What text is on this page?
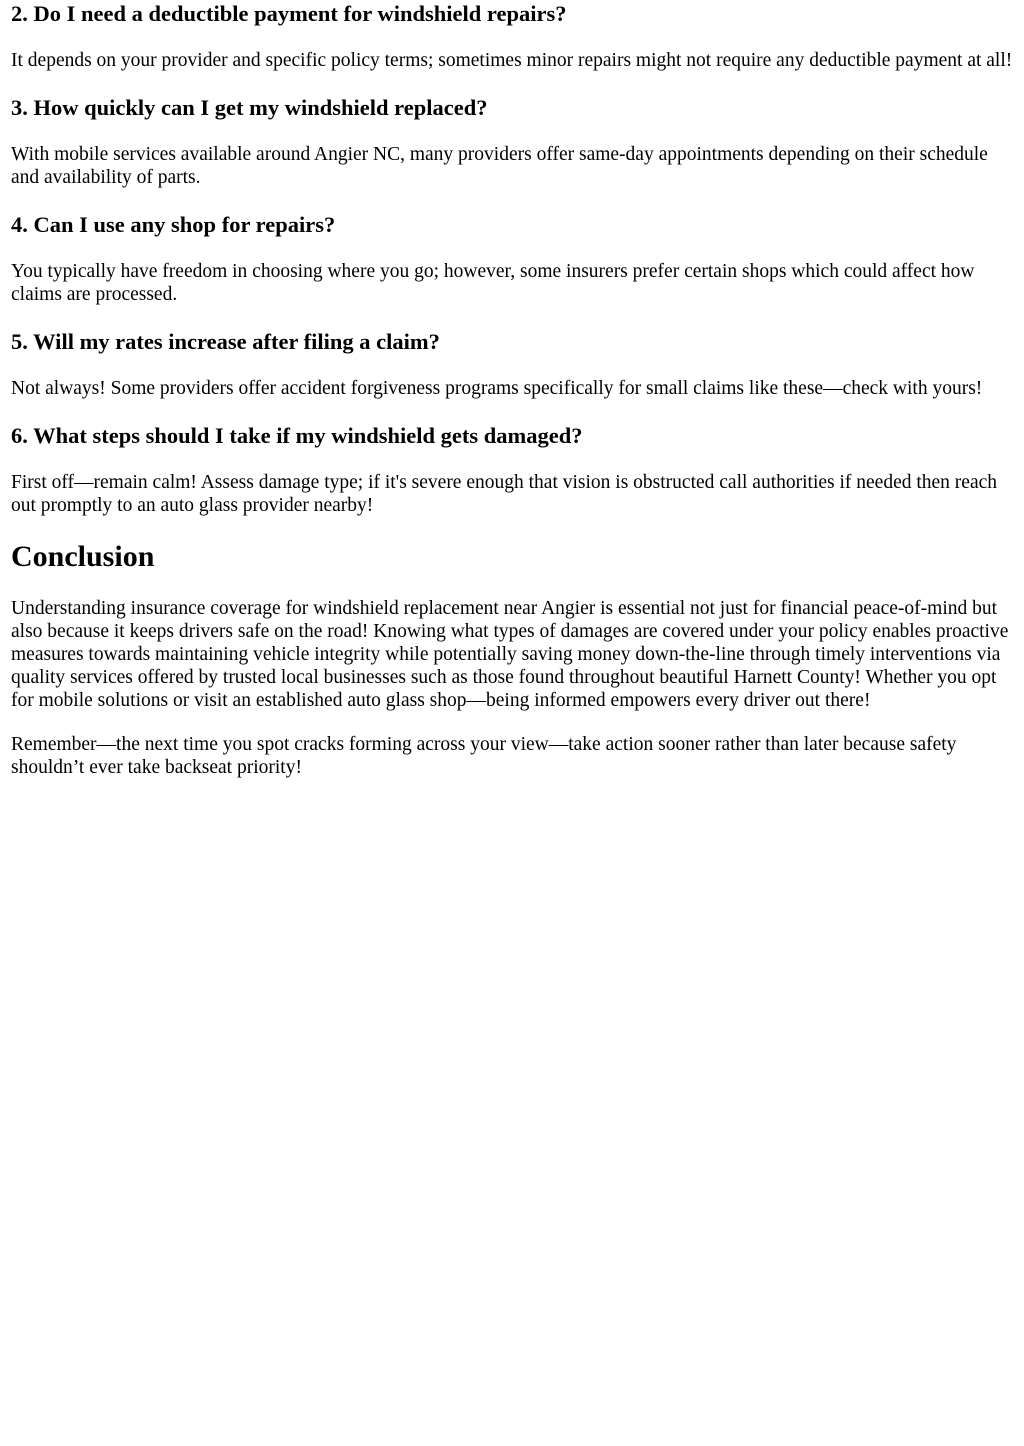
2. Do I need a deductible payment for windshield repairs?

It depends on your provider and specific policy terms; sometimes minor repairs might not require any deductible payment at all!

3. How quickly can I get my windshield replaced?

With mobile services available around Angier NC, many providers offer same-day appointments depending on their schedule and availability of parts.

4. Can I use any shop for repairs?

You typically have freedom in choosing where you go; however, some insurers prefer certain shops which could affect how claims are processed.

5. Will my rates increase after filing a claim?

Not always! Some providers offer accident forgiveness programs specifically for small claims like these—check with yours!

6. What steps should I take if my windshield gets damaged?

First off—remain calm! Assess damage type; if it's severe enough that vision is obstructed call authorities if needed then reach out promptly to an auto glass provider nearby!

Conclusion

Understanding insurance coverage for windshield replacement near Angier is essential not just for financial peace-of-mind but also because it keeps drivers safe on the road! Knowing what types of damages are covered under your policy enables proactive measures towards maintaining vehicle integrity while potentially saving money down-the-line through timely interventions via quality services offered by trusted local businesses such as those found throughout beautiful Harnett County! Whether you opt for mobile solutions or visit an established auto glass shop—being informed empowers every driver out there!

Remember—the next time you spot cracks forming across your view—take action sooner rather than later because safety shouldn’t ever take backseat priority!
